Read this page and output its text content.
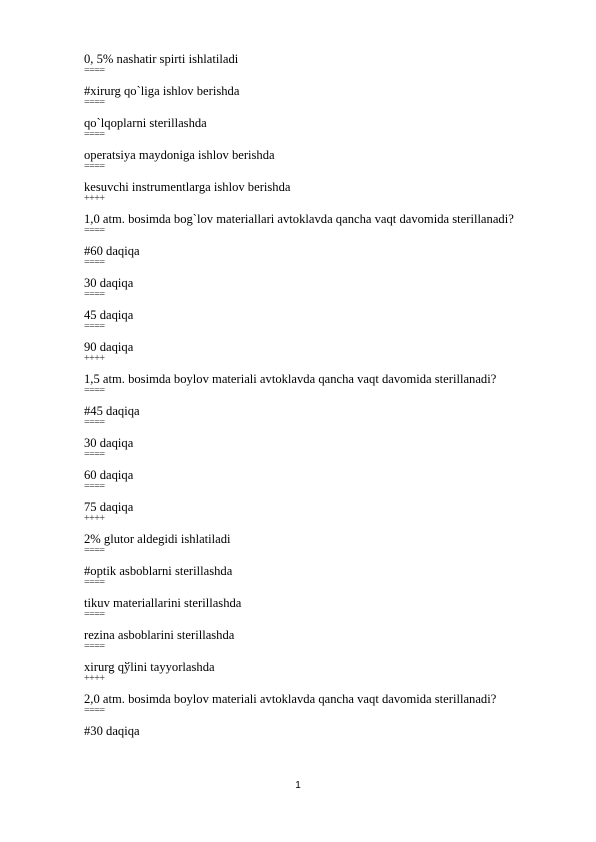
0, 5% nashatir spirti ishlatiladi
====
#xirurg qo`liga ishlov berishda
====
qo`lqoplarni sterillashda
====
operatsiya maydoniga ishlov berishda
====
kesuvchi instrumentlarga ishlov berishda
++++
1,0 atm. bosimda bog`lov materiallari avtoklavda qancha vaqt davomida sterillanadi?
====
#60 daqiqa
====
30 daqiqa
====
45 daqiqa
====
90 daqiqa
++++
1,5 atm. bosimda boylov materiali avtoklavda qancha vaqt davomida sterillanadi?
====
#45 daqiqa
====
30 daqiqa
====
60 daqiqa
====
75 daqiqa
++++
2% glutor aldegidi ishlatiladi
====
#optik asboblarni sterillashda
====
tikuv materiallarini sterillashda
====
rezina asboblarini sterillashda
====
xirurg qўlini tayyorlashda
++++
2,0 atm. bosimda boylov materiali avtoklavda qancha vaqt davomida sterillanadi?
====
#30 daqiqa
1
